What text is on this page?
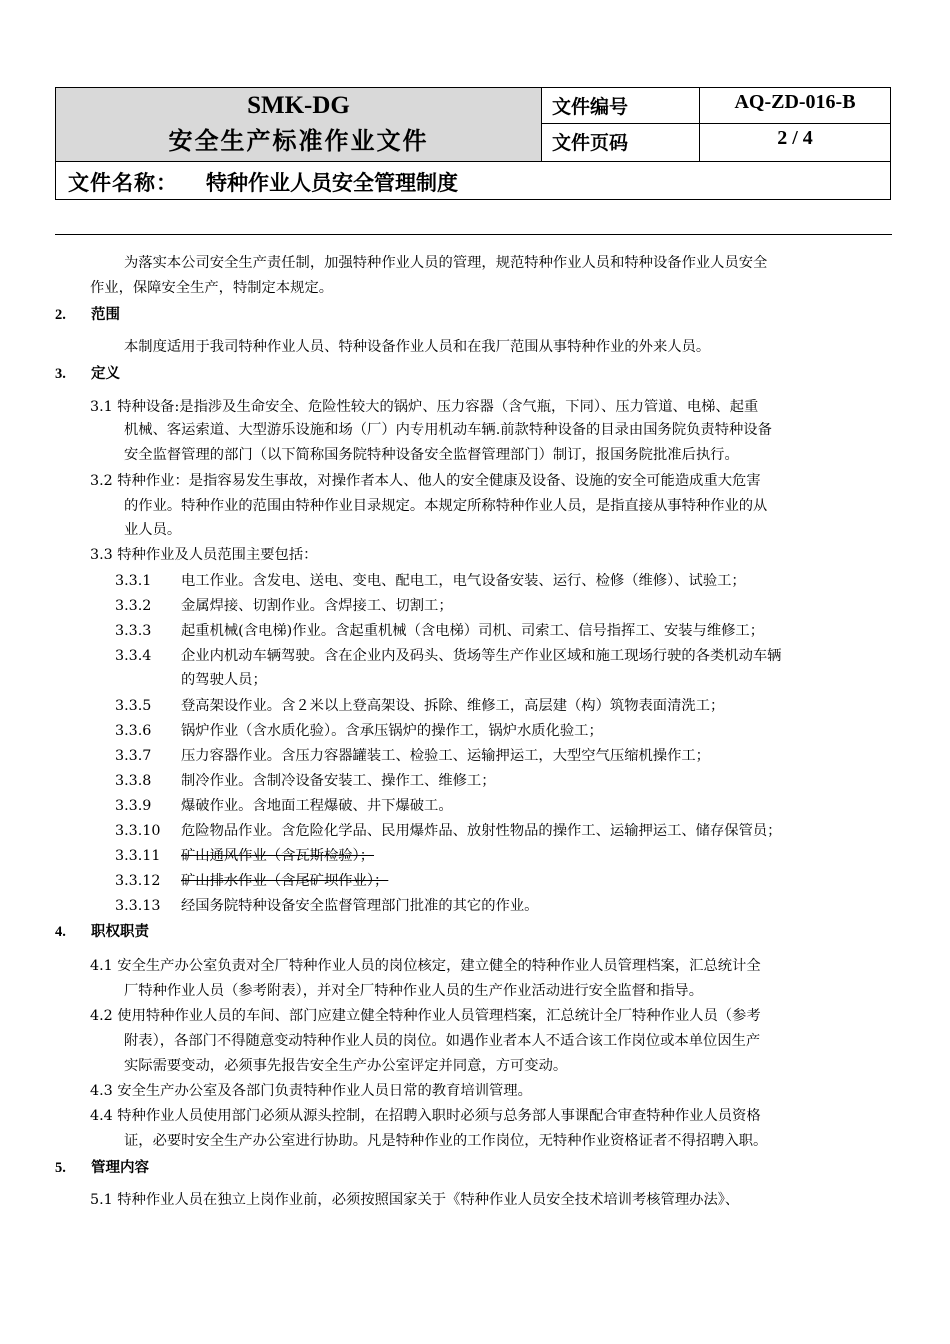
SMK-DG
安全生产标准作业文件
文件编号	AQ-ZD-016-B
文件页码	2 / 4
文件名称： 特种作业人员安全管理制度
为落实本公司安全生产责任制，加强特种作业人员的管理，规范特种作业人员和特种设备作业人员安全
作业，保障安全生产，特制定本规定。
2. 范围
本制度适用于我司特种作业人员、特种设备作业人员和在我厂范围从事特种作业的外来人员。
3. 定义
3.1 特种设备:是指涉及生命安全、危险性较大的锅炉、压力容器（含气瓶，下同）、压力管道、电梯、起重
机械、客运索道、大型游乐设施和场（厂）内专用机动车辆.前款特种设备的目录由国务院负责特种设备
安全监督管理的部门（以下简称国务院特种设备安全监督管理部门）制订，报国务院批准后执行。
3.2 特种作业：是指容易发生事故，对操作者本人、他人的安全健康及设备、设施的安全可能造成重大危害
的作业。特种作业的范围由特种作业目录规定。本规定所称特种作业人员，是指直接从事特种作业的从
业人员。
3.3 特种作业及人员范围主要包括：
3.3.1 电工作业。含发电、送电、变电、配电工，电气设备安装、运行、检修（维修）、试验工；
3.3.2 金属焊接、切割作业。含焊接工、切割工；
3.3.3 起重机械(含电梯)作业。含起重机械（含电梯）司机、司索工、信号指挥工、安装与维修工；
3.3.4 企业内机动车辆驾驶。含在企业内及码头、货场等生产作业区域和施工现场行驶的各类机动车辆
的驾驶人员；
3.3.5 登高架设作业。含２米以上登高架设、拆除、维修工，高层建（构）筑物表面清洗工；
3.3.6 锅炉作业（含水质化验）。含承压锅炉的操作工，锅炉水质化验工；
3.3.7 压力容器作业。含压力容器罐装工、检验工、运输押运工，大型空气压缩机操作工；
3.3.8 制冷作业。含制冷设备安装工、操作工、维修工；
3.3.9 爆破作业。含地面工程爆破、井下爆破工。
3.3.10 危险物品作业。含危险化学品、民用爆炸品、放射性物品的操作工、运输押运工、储存保管员；
3.3.11 矿山通风作业（含瓦斯检验）；
3.3.12 矿山排水作业（含尾矿坝作业）；
3.3.13 经国务院特种设备安全监督管理部门批准的其它的作业。
4. 职权职责
4.1 安全生产办公室负责对全厂特种作业人员的岗位核定，建立健全的特种作业人员管理档案，汇总统计全
厂特种作业人员（参考附表），并对全厂特种作业人员的生产作业活动进行安全监督和指导。
4.2 使用特种作业人员的车间、部门应建立健全特种作业人员管理档案，汇总统计全厂特种作业人员（参考
附表），各部门不得随意变动特种作业人员的岗位。如遇作业者本人不适合该工作岗位或本单位因生产
实际需要变动，必须事先报告安全生产办公室评定并同意，方可变动。
4.3 安全生产办公室及各部门负责特种作业人员日常的教育培训管理。
4.4 特种作业人员使用部门必须从源头控制，在招聘入职时必须与总务部人事课配合审查特种作业人员资格
证，必要时安全生产办公室进行协助。凡是特种作业的工作岗位，无特种作业资格证者不得招聘入职。
5. 管理内容
5.1 特种作业人员在独立上岗作业前，必须按照国家关于《特种作业人员安全技术培训考核管理办法》、
